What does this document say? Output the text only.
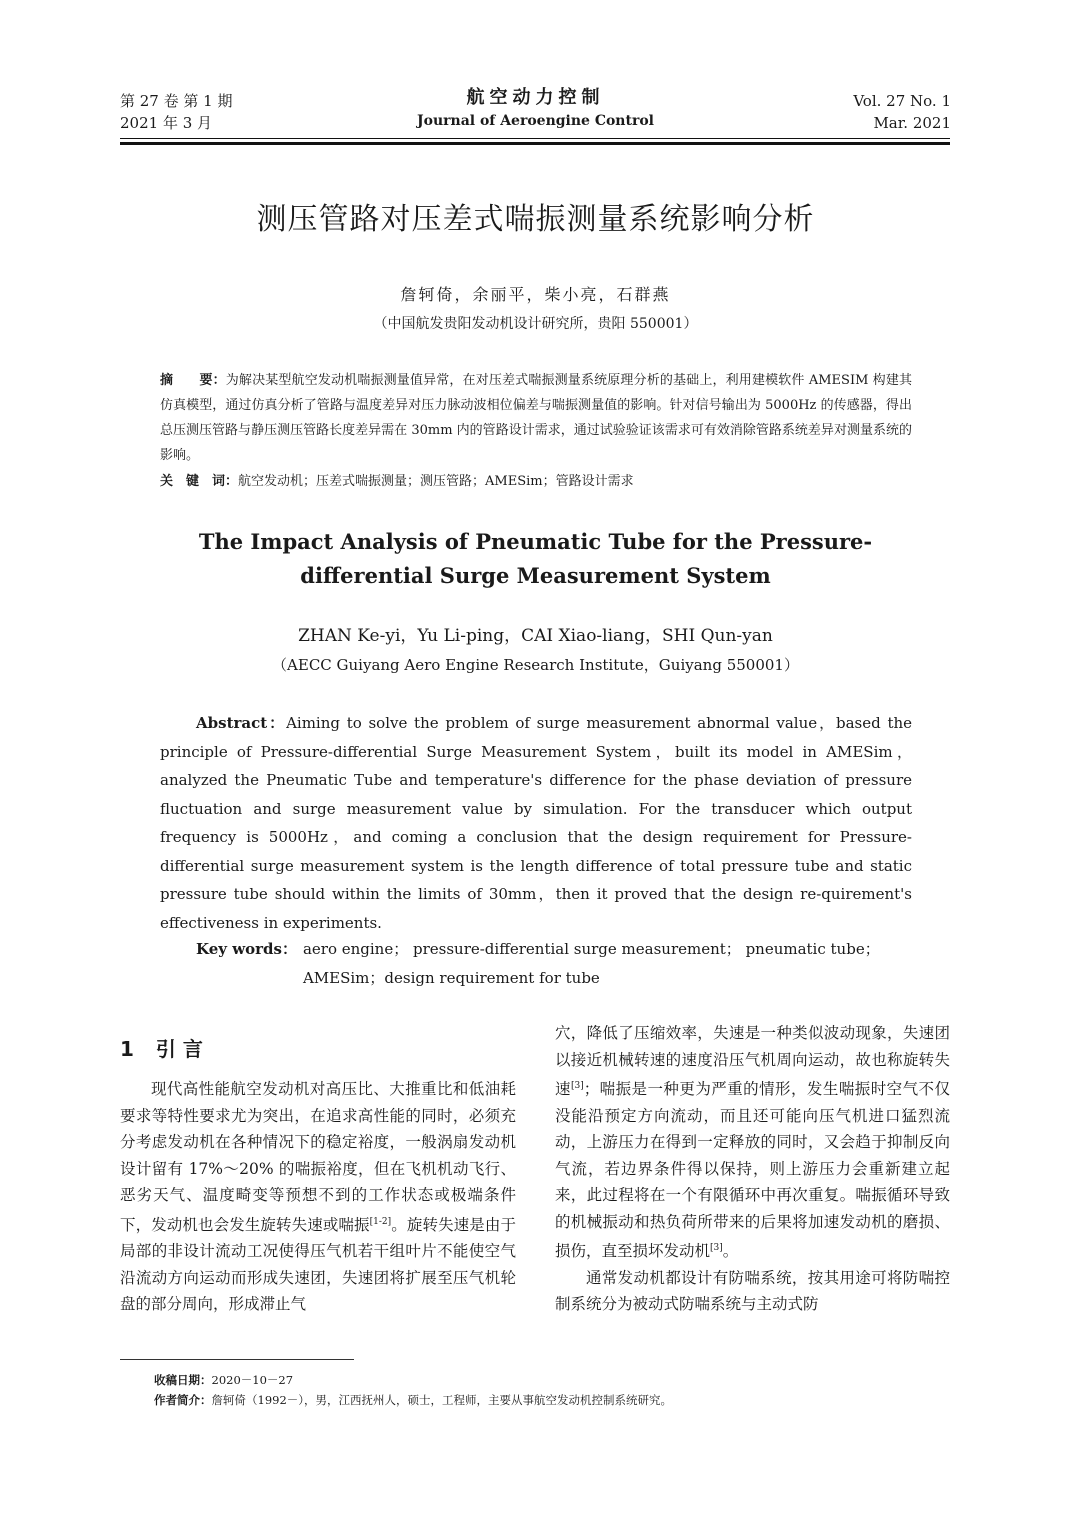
第 27 卷 第 1 期
2021 年 3 月
航空动力控制
Journal of Aeroengine Control
Vol. 27 No. 1
Mar. 2021
测压管路对压差式喘振测量系统影响分析
詹轲倚，余丽平，柴小亮，石群燕
（中国航发贵阳发动机设计研究所，贵阳 550001）
摘　　要：为解决某型航空发动机喘振测量值异常，在对压差式喘振测量系统原理分析的基础上，利用建模软件 AMESIM 构建其仿真模型，通过仿真分析了管路与温度差异对压力脉动波相位偏差与喘振测量值的影响。针对信号输出为 5000Hz 的传感器，得出总压测压管路与静压测压管路长度差异需在 30mm 内的管路设计需求，通过试验验证该需求可有效消除管路系统差异对测量系统的影响。
关　键　词：航空发动机；压差式喘振测量；测压管路；AMESim；管路设计需求
The Impact Analysis of Pneumatic Tube for the Pressure-differential Surge Measurement System
ZHAN Ke-yi，Yu Li-ping，CAI Xiao-liang，SHI Qun-yan
（AECC Guiyang Aero Engine Research Institute，Guiyang 550001）
Abstract：Aiming to solve the problem of surge measurement abnormal value，based the principle of Pressure-differential Surge Measurement System，built its model in AMESim，analyzed the Pneumatic Tube and temperature's difference for the phase deviation of pressure fluctuation and surge measurement value by simulation. For the transducer which output frequency is 5000Hz，and coming a conclusion that the design requirement for Pressure-differential surge measurement system is the length difference of total pressure tube and static pressure tube should within the limits of 30mm，then it proved that the design re-quirement's effectiveness in experiments.
Key words： aero engine； pressure-differential surge measurement； pneumatic tube； AMESim；design requirement for tube
1 引 言

现代高性能航空发动机对高压比、大推重比和低油耗要求等特性要求尤为突出，在追求高性能的同时，必须充分考虑发动机在各种情况下的稳定裕度，一般涡扇发动机设计留有 17%～20% 的喘振裕度，但在飞机机动飞行、恶劣天气、温度畸变等预想不到的工作状态或极端条件下，发动机也会发生旋转失速或喘振[1-2]。旋转失速是由于局部的非设计流动工况使得压气机若干组叶片不能使空气沿流动方向运动而形成失速团，失速团将扩展至压气机轮盘的部分周向，形成滞止气

穴，降低了压缩效率，失速是一种类似波动现象，失速团以接近机械转速的速度沿压气机周向运动，故也称旋转失速[3]；喘振是一种更为严重的情形，发生喘振时空气不仅没能沿预定方向流动，而且还可能向压气机进口猛烈流动，上游压力在得到一定释放的同时，又会趋于抑制反向气流，若边界条件得以保持，则上游压力会重新建立起来，此过程将在一个有限循环中再次重复。喘振循环导致的机械振动和热负荷所带来的后果将加速发动机的磨损、损伤，直至损坏发动机[3]。

通常发动机都设计有防喘系统，按其用途可将防喘控制系统分为被动式防喘系统与主动式防

收稿日期：2020－10－27
作者简介：詹轲倚（1992－），男，江西抚州人，硕士，工程师，主要从事航空发动机控制系统研究。
